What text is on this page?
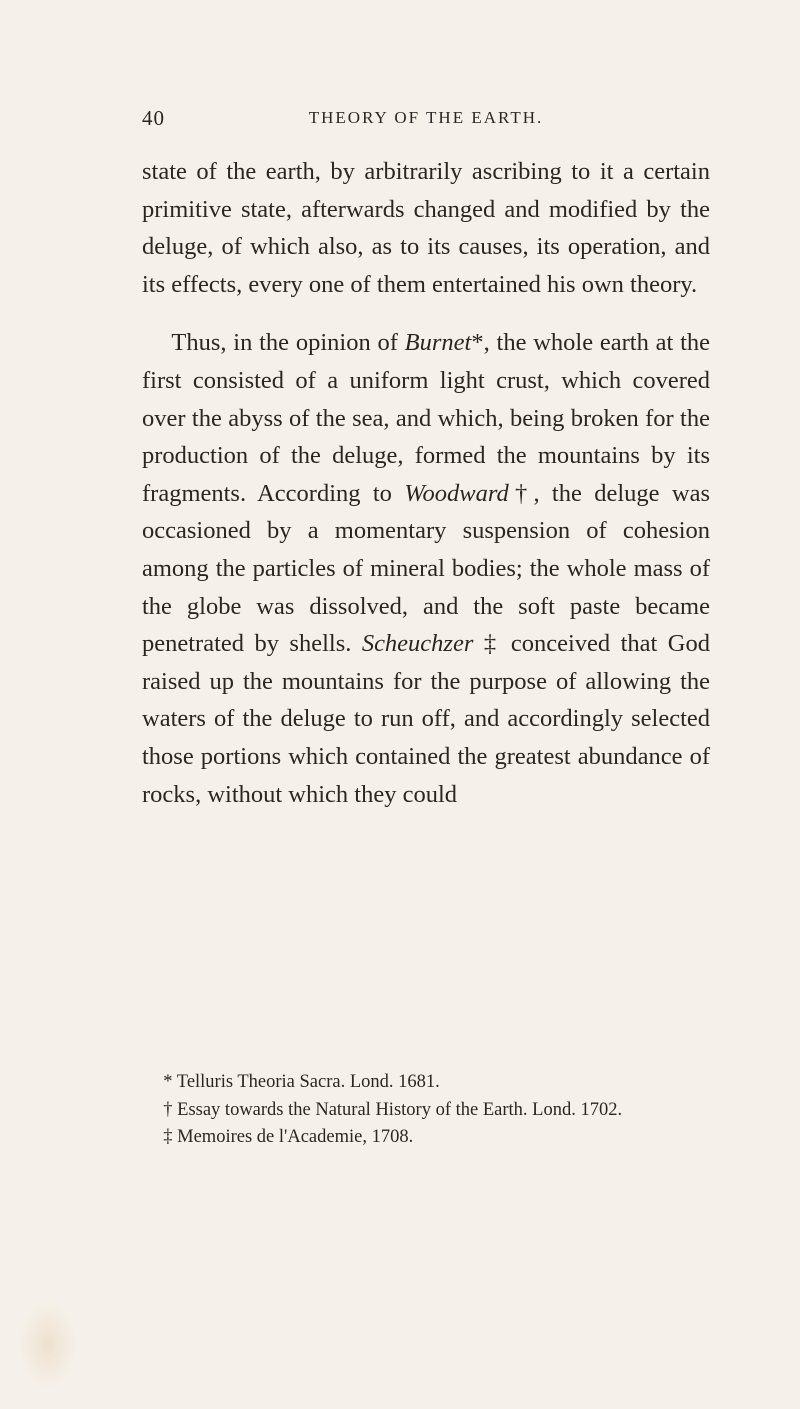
40	THEORY OF THE EARTH.

state of the earth, by arbitrarily ascribing to it a certain primitive state, afterwards changed and modified by the deluge, of which also, as to its causes, its operation, and its effects, every one of them entertained his own theory.

Thus, in the opinion of Burnet*, the whole earth at the first consisted of a uniform light crust, which covered over the abyss of the sea, and which, being broken for the production of the deluge, formed the mountains by its fragments. According to Woodward†, the deluge was occasioned by a momentary suspension of cohesion among the particles of mineral bodies; the whole mass of the globe was dissolved, and the soft paste became penetrated by shells. Scheuchzer ‡ conceived that God raised up the mountains for the purpose of allowing the waters of the deluge to run off, and accordingly selected those portions which contained the greatest abundance of rocks, without which they could

* Telluris Theoria Sacra. Lond. 1681.

† Essay towards the Natural History of the Earth. Lond. 1702.

‡ Memoires de l'Academie, 1708.
